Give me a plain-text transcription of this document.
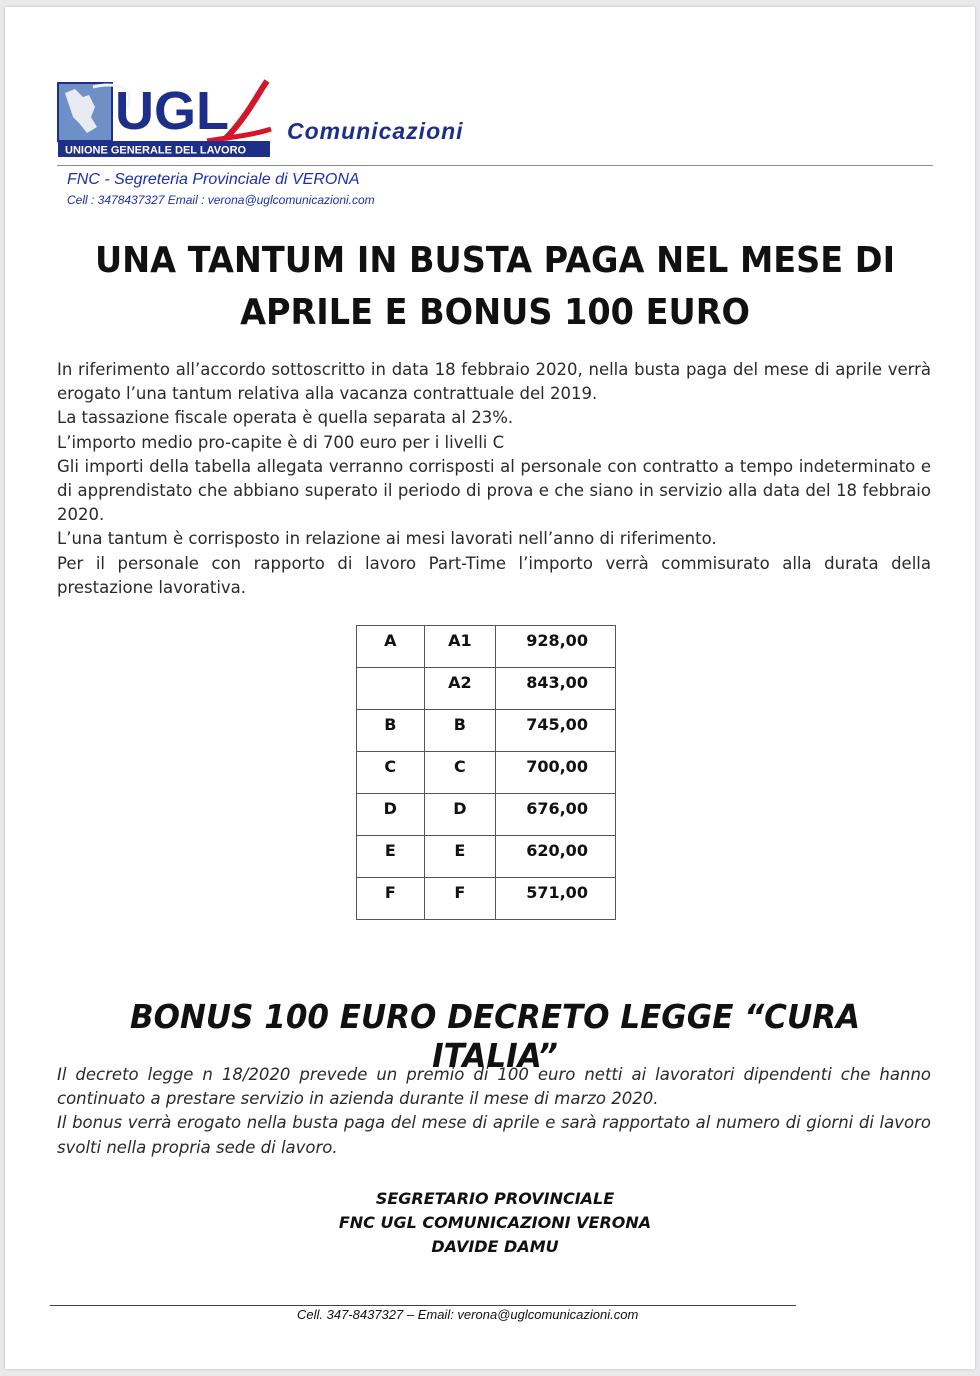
UGL
UNIONE GENERALE DEL LAVORO
Comunicazioni
FNC - Segreteria Provinciale di VERONA
Cell : 3478437327 Email : verona@uglcomunicazioni.com
UNA TANTUM IN BUSTA PAGA NEL MESE DI
APRILE E BONUS 100 EURO

In riferimento all’accordo sottoscritto in data 18 febbraio 2020, nella busta paga del mese di aprile verrà erogato l’una tantum relativa alla vacanza contrattuale del 2019.

La tassazione fiscale operata è quella separata al 23%.

L’importo medio pro-capite è di 700 euro per i livelli C

Gli importi della tabella allegata verranno corrisposti al personale con contratto a tempo indeterminato e di apprendistato che abbiano superato il periodo di prova e che siano in servizio alla data del 18 febbraio 2020.

L’una tantum è corrisposto in relazione ai mesi lavorati nell’anno di riferimento.

Per il personale con rapporto di lavoro Part-Time l’importo verrà commisurato alla durata della prestazione lavorativa.

A	A1	928,00
	A2	843,00
B	B	745,00
C	C	700,00
D	D	676,00
E	E	620,00
F	F	571,00
BONUS 100 EURO DECRETO LEGGE “CURA ITALIA”

Il decreto legge n 18/2020 prevede un premio di 100 euro netti ai lavoratori dipendenti che hanno continuato a prestare servizio in azienda durante il mese di marzo 2020.

Il bonus verrà erogato nella busta paga del mese di aprile e sarà rapportato al numero di giorni di lavoro svolti nella propria sede di lavoro.

SEGRETARIO PROVINCIALE
FNC UGL COMUNICAZIONI VERONA
DAVIDE DAMU
Cell. 347-8437327 – Email: verona@uglcomunicazioni.com
